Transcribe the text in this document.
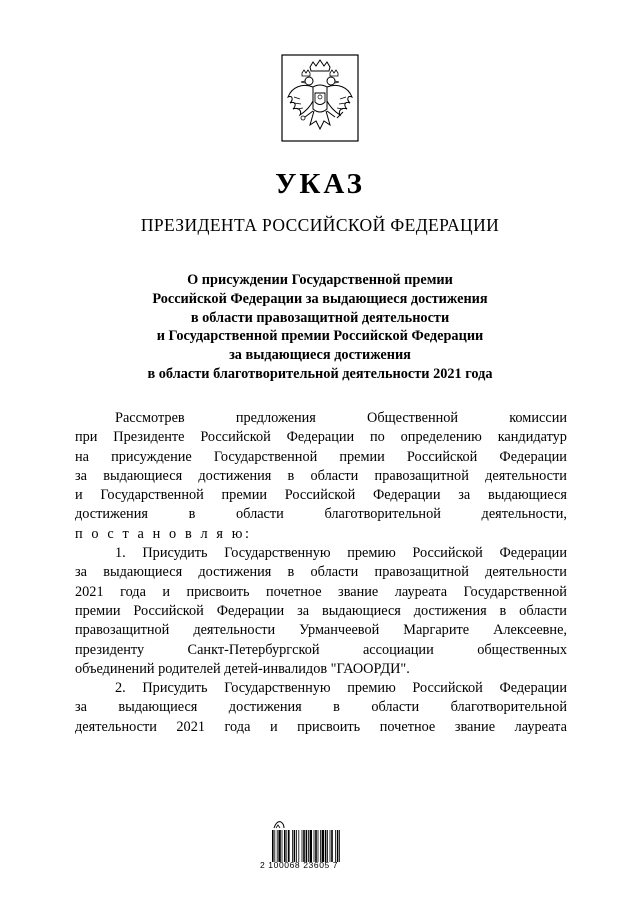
УКАЗ
ПРЕЗИДЕНТА РОССИЙСКОЙ ФЕДЕРАЦИИ
О присуждении Государственной премии
Российской Федерации за выдающиеся достижения
в области правозащитной деятельности
и Государственной премии Российской Федерации
за выдающиеся достижения
в области благотворительной деятельности 2021 года
Рассмотрев	предложения	Общественной	комиссии
при Президенте Российской Федерации по определению кандидатур
на присуждение Государственной премии Российской Федерации
за выдающиеся достижения в области правозащитной деятельности
и Государственной премии Российской Федерации за выдающиеся
достижения	в	области	благотворительной	деятельности,
п о с т а н о в л я ю:
1. Присудить Государственную премию Российской Федерации
за выдающиеся достижения в области правозащитной деятельности
2021 года и присвоить почетное звание лауреата Государственной
премии Российской Федерации за выдающиеся достижения в области
правозащитной деятельности Урманчеевой Маргарите Алексеевне,
президенту	Санкт-Петербургской	ассоциации	общественных
объединений родителей детей-инвалидов "ГАООРДИ".
2. Присудить Государственную премию Российской Федерации
за выдающиеся достижения в области благотворительной
деятельности 2021 года и присвоить почетное звание лауреата
2 100068 23605 7
